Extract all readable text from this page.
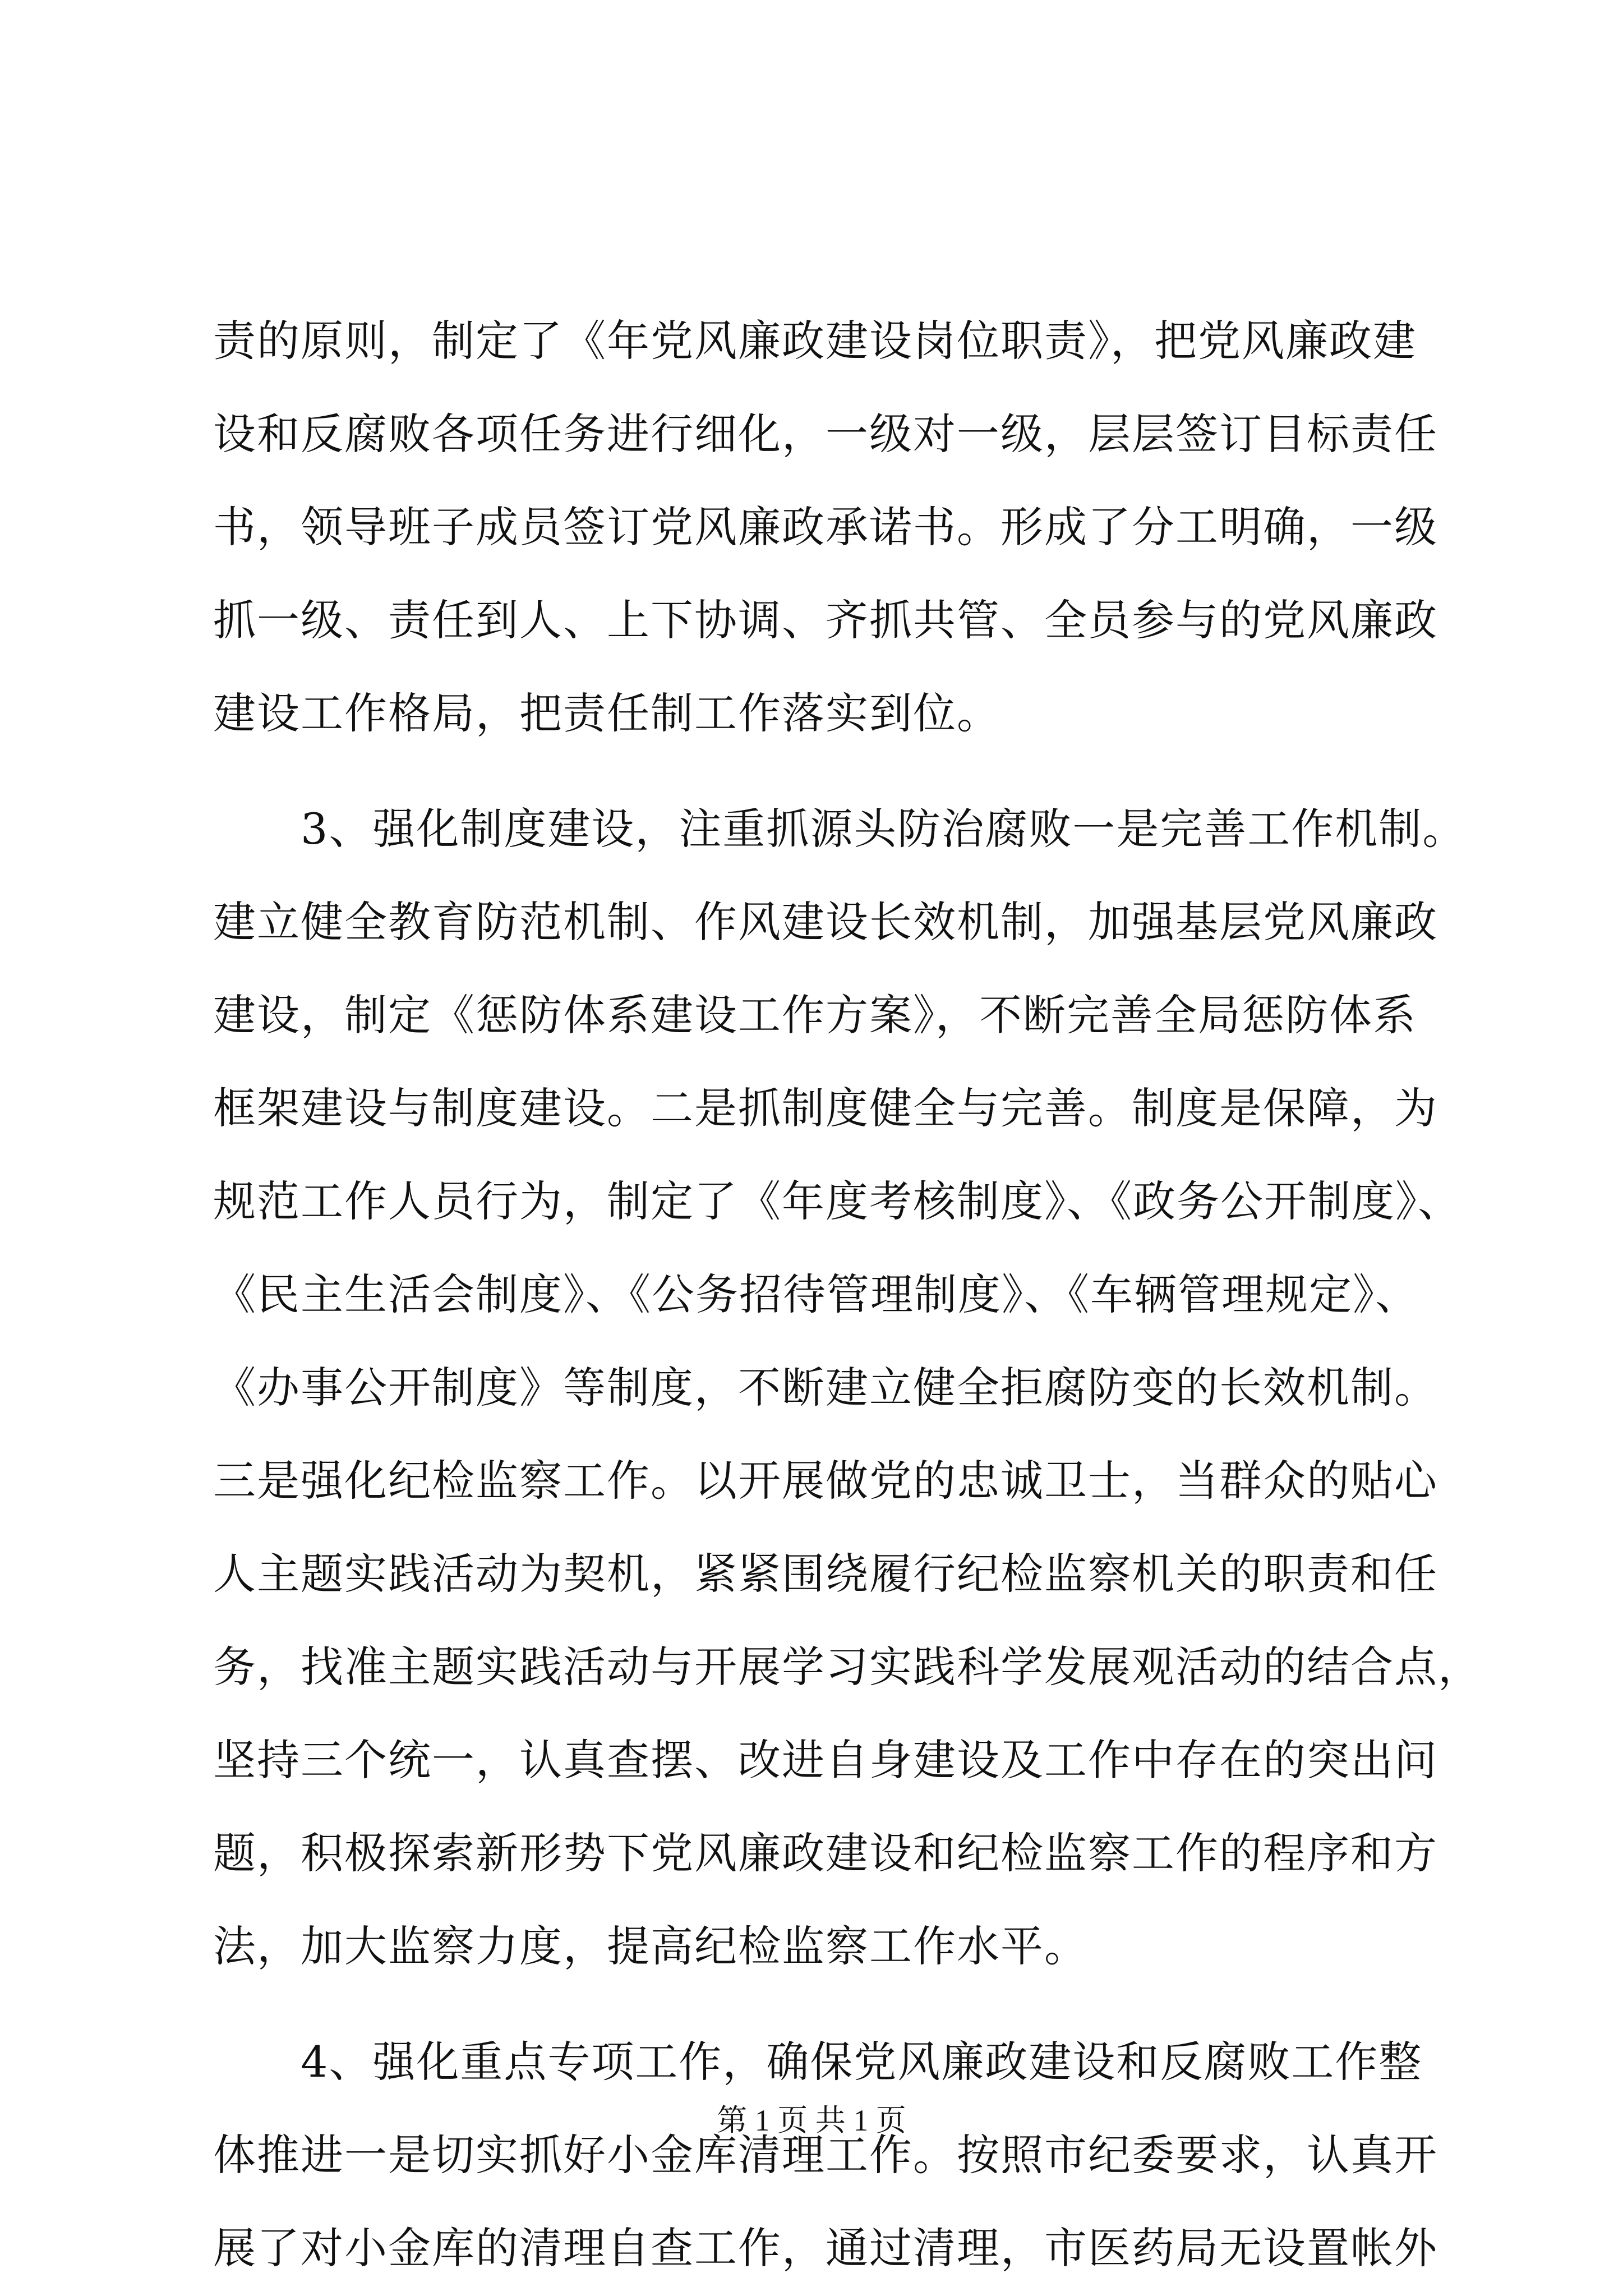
责的原则，制定了《年党风廉政建设岗位职责》，把党风廉政建
设和反腐败各项任务进行细化，一级对一级，层层签订目标责任
书，领导班子成员签订党风廉政承诺书。形成了分工明确，一级
抓一级、责任到人、上下协调、齐抓共管、全员参与的党风廉政
建设工作格局，把责任制工作落实到位。
　　3、强化制度建设，注重抓源头防治腐败一是完善工作机制。
建立健全教育防范机制、作风建设长效机制，加强基层党风廉政
建设，制定《惩防体系建设工作方案》，不断完善全局惩防体系
框架建设与制度建设。二是抓制度健全与完善。制度是保障，为
规范工作人员行为，制定了《年度考核制度》、《政务公开制度》、
《民主生活会制度》、《公务招待管理制度》、《车辆管理规定》、
《办事公开制度》等制度，不断建立健全拒腐防变的长效机制。
三是强化纪检监察工作。以开展做党的忠诚卫士，当群众的贴心
人主题实践活动为契机，紧紧围绕履行纪检监察机关的职责和任
务，找准主题实践活动与开展学习实践科学发展观活动的结合点，
坚持三个统一，认真查摆、改进自身建设及工作中存在的突出问
题，积极探索新形势下党风廉政建设和纪检监察工作的程序和方
法，加大监察力度，提高纪检监察工作水平。
　　4、强化重点专项工作，确保党风廉政建设和反腐败工作整
体推进一是切实抓好小金库清理工作。按照市纪委要求，认真开
展了对小金库的清理自查工作，通过清理，市医药局无设置帐外
第 1 页 共 1 页
